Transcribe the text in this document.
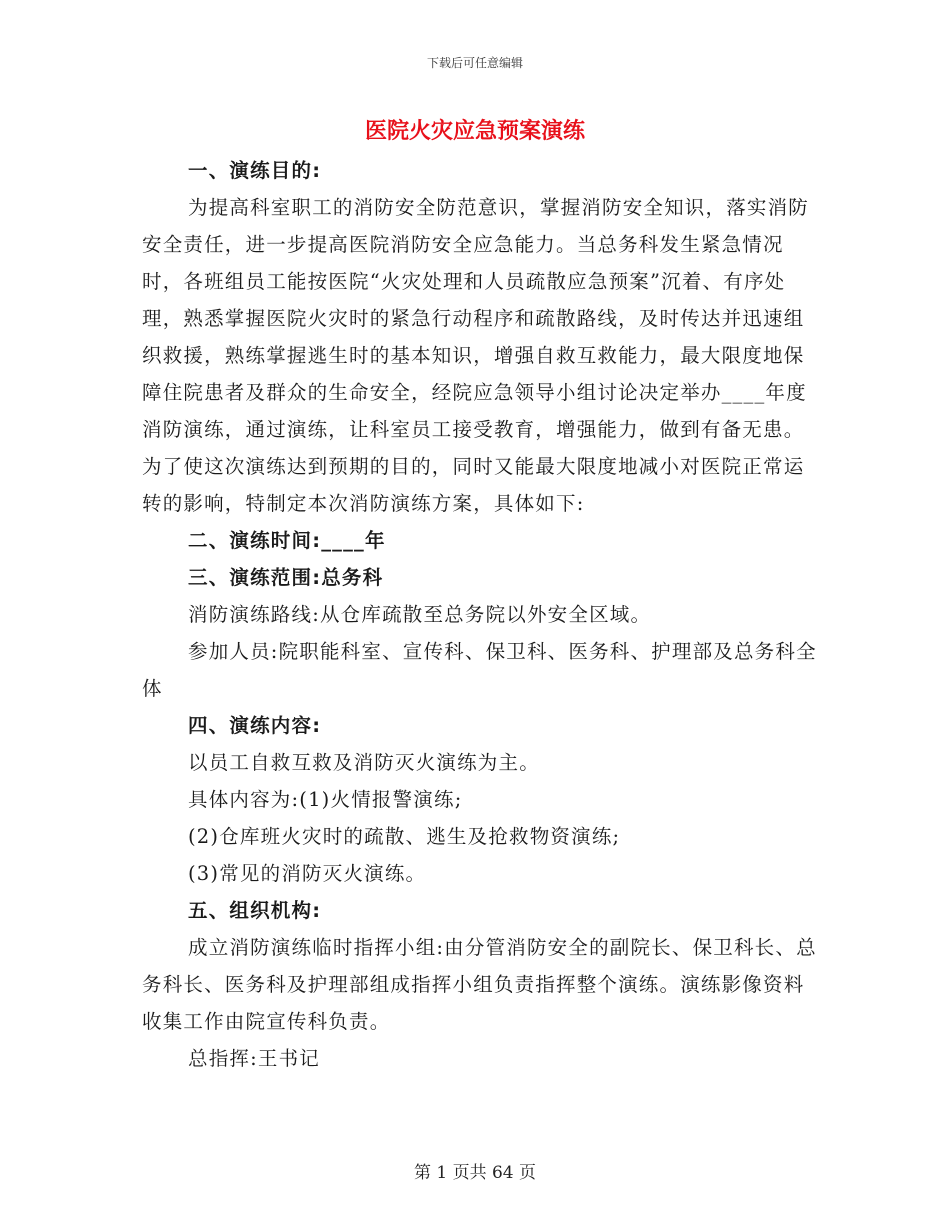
下载后可任意编辑
医院火灾应急预案演练

一、演练目的:

为提高科室职工的消防安全防范意识，掌握消防安全知识，落实消防安全责任，进一步提高医院消防安全应急能力。当总务科发生紧急情况时，各班组员工能按医院“火灾处理和人员疏散应急预案”沉着、有序处理，熟悉掌握医院火灾时的紧急行动程序和疏散路线，及时传达并迅速组织救援，熟练掌握逃生时的基本知识，增强自救互救能力，最大限度地保障住院患者及群众的生命安全，经院应急领导小组讨论决定举办____年度消防演练，通过演练，让科室员工接受教育，增强能力，做到有备无患。为了使这次演练达到预期的目的，同时又能最大限度地减小对医院正常运转的影响，特制定本次消防演练方案，具体如下:

二、演练时间:____年

三、演练范围:总务科

消防演练路线:从仓库疏散至总务院以外安全区域。

参加人员:院职能科室、宣传科、保卫科、医务科、护理部及总务科全体

四、演练内容:

以员工自救互救及消防灭火演练为主。

具体内容为:(1)火情报警演练;

(2)仓库班火灾时的疏散、逃生及抢救物资演练;

(3)常见的消防灭火演练。

五、组织机构:

成立消防演练临时指挥小组:由分管消防安全的副院长、保卫科长、总务科长、医务科及护理部组成指挥小组负责指挥整个演练。演练影像资料收集工作由院宣传科负责。

总指挥:王书记

第 1 页共 64 页
